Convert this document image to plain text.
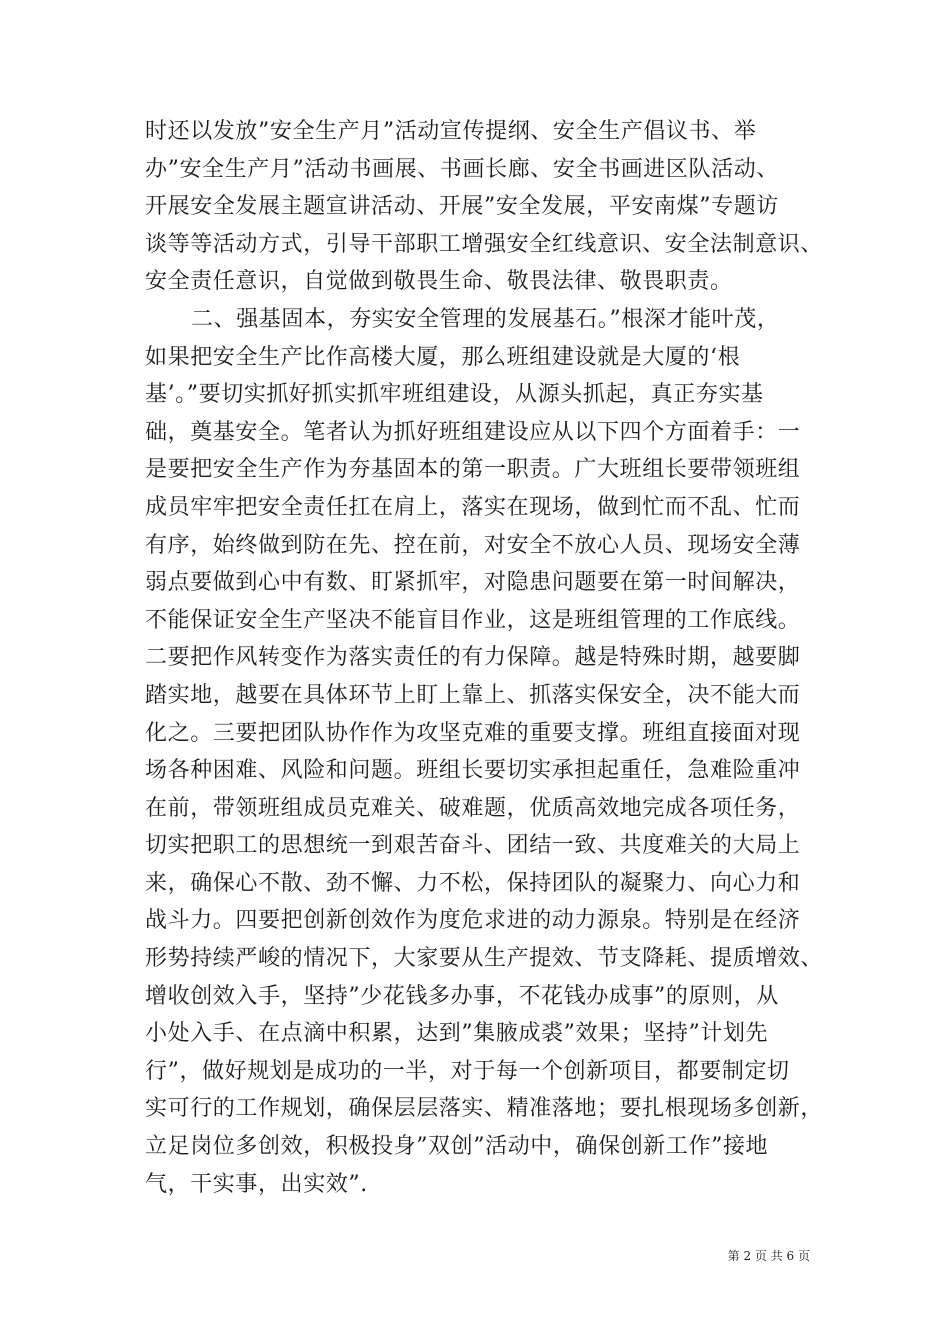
时还以发放”安全生产月”活动宣传提纲、安全生产倡议书、举
办”安全生产月”活动书画展、书画长廊、安全书画进区队活动、
开展安全发展主题宣讲活动、开展”安全发展，平安南煤”专题访
谈等等活动方式，引导干部职工增强安全红线意识、安全法制意识、
安全责任意识，自觉做到敬畏生命、敬畏法律、敬畏职责。
二、强基固本，夯实安全管理的发展基石。”根深才能叶茂，
如果把安全生产比作高楼大厦，那么班组建设就是大厦的‘根
基’。”要切实抓好抓实抓牢班组建设，从源头抓起，真正夯实基
础，奠基安全。笔者认为抓好班组建设应从以下四个方面着手：一
是要把安全生产作为夯基固本的第一职责。广大班组长要带领班组
成员牢牢把安全责任扛在肩上，落实在现场，做到忙而不乱、忙而
有序，始终做到防在先、控在前，对安全不放心人员、现场安全薄
弱点要做到心中有数、盯紧抓牢，对隐患问题要在第一时间解决，
不能保证安全生产坚决不能盲目作业，这是班组管理的工作底线。
二要把作风转变作为落实责任的有力保障。越是特殊时期，越要脚
踏实地，越要在具体环节上盯上靠上、抓落实保安全，决不能大而
化之。三要把团队协作作为攻坚克难的重要支撑。班组直接面对现
场各种困难、风险和问题。班组长要切实承担起重任，急难险重冲
在前，带领班组成员克难关、破难题，优质高效地完成各项任务，
切实把职工的思想统一到艰苦奋斗、团结一致、共度难关的大局上
来，确保心不散、劲不懈、力不松，保持团队的凝聚力、向心力和
战斗力。四要把创新创效作为度危求进的动力源泉。特别是在经济
形势持续严峻的情况下，大家要从生产提效、节支降耗、提质增效、
增收创效入手，坚持”少花钱多办事，不花钱办成事”的原则，从
小处入手、在点滴中积累，达到”集腋成裘”效果；坚持”计划先
行”，做好规划是成功的一半，对于每一个创新项目，都要制定切
实可行的工作规划，确保层层落实、精准落地；要扎根现场多创新，
立足岗位多创效，积极投身”双创”活动中，确保创新工作”接地
气，干实事，出实效”.
第 2 页 共 6 页
